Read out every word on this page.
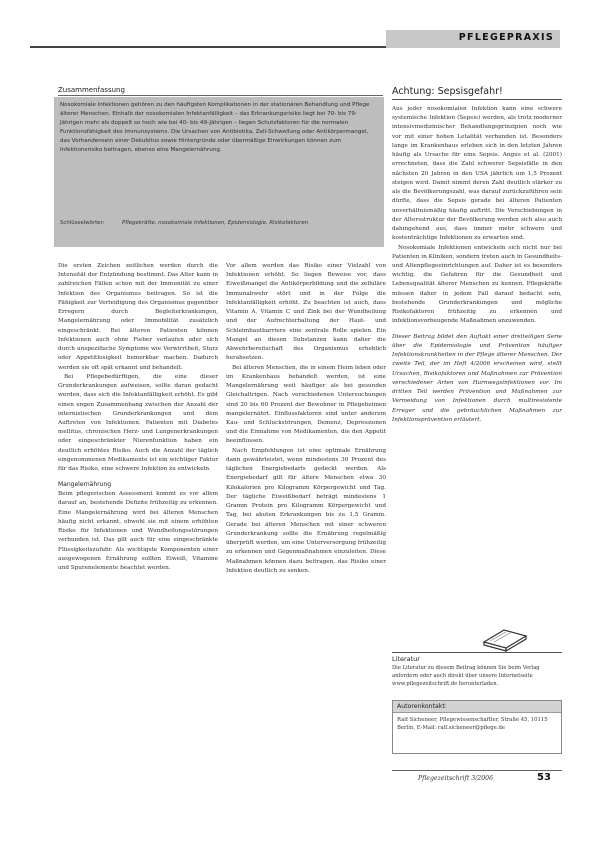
PFLEGEPRAXIS
Zusammenfassung
Nosokomiale Infektionen gehören zu den häufigsten Komplikationen in der stationären Behandlung und Pflege älterer Menschen. Einhalb der nosokomialen Infektanfälligkeit – das Erkrankungsrisiko liegt bei 70- bis 79-Jährigen mehr als doppelt so hoch wie bei 40- bis 49-Jährigen – liegen Schutzfaktoren für die normalen Funktionsfähigkeit des Immunsystems. Die Ursachen von Antibiotika, Zell-Schwellung oder Antikörpermangel, das Vorhandensein einer Dekubitus sowie Hintergründe oder übermäßige Einwirkungen können zum Infektionsrisiko beitragen, ebenso eine Mangelernährung.
Schlüsselwörter:	Pflegekräfte, nosokomiale Infektionen, Epidemiologie, Risikofaktoren
Achtung: Sepsisgefahr!

Die ersten Zeichen zeitlichen werden durch die Intensität der Entzündung bestimmt. Das Alter kann in zahlreichen Fällen schon mit der Immunität zu einer Infektion des Organismus beitragen. So ist die Fähigkeit zur Verteidigung des Organismus gegenüber Erregern durch Begleiterkrankungen, Mangelernährung oder Immobilität zusätzlich eingeschränkt. Bei älteren Patienten können Infektionen auch ohne Fieber verlaufen oder sich durch unspezifische Symptome wie Verwirrtheit, Sturz oder Appetitlosigkeit bemerkbar machen. Dadurch werden sie oft spät erkannt und behandelt.

Bei Pflegebedürftigen, die eine dieser Grunderkrankungen aufweisen, sollte daran gedacht werden, dass sich die Infektanfälligkeit erhöht. Es gibt einen engen Zusammenhang zwischen der Anzahl der internistischen Grunderkrankungen und dem Auftreten von Infektionen. Patienten mit Diabetes mellitus, chronischen Herz- und Lungenerkrankungen oder eingeschränkter Nierenfunktion haben ein deutlich erhöhtes Risiko. Auch die Anzahl der täglich eingenommenen Medikamente ist ein wichtiger Faktor für das Risiko, eine schwere Infektion zu entwickeln.

Mangelernährung

Beim pflegerischen Assessment kommt es vor allem darauf an, bestehende Defizite frühzeitig zu erkennen. Eine Mangelernährung wird bei älteren Menschen häufig nicht erkannt, obwohl sie mit einem erhöhten Risiko für Infektionen und Wundheilungsstörungen verbunden ist. Das gilt auch für eine eingeschränkte Flüssigkeitszufuhr. Als wichtigste Komponenten einer ausgewogenen Ernährung sollten Eiweiß, Vitamine und Spurenelemente beachtet werden.

Vor allem werden das Risiko einer Vielzahl von Infektionen erhöht. So liegen Beweise vor, dass Eiweißmangel die Antikörperbildung und die zelluläre Immunabwehr stört und in der Folge die Infektanfälligkeit erhöht. Zu beachten ist auch, dass Vitamin A, Vitamin C und Zink bei der Wundheilung und der Aufrechterhaltung der Haut- und Schleimhautbarriere eine zentrale Rolle spielen. Ein Mangel an diesen Substanzen kann daher die Abwehrbereitschaft des Organismus erheblich herabsetzen.

Bei älteren Menschen, die in einem Heim leben oder im Krankenhaus behandelt werden, ist eine Mangelernährung weit häufiger als bei gesunden Gleichaltrigen. Nach verschiedenen Untersuchungen sind 20 bis 60 Prozent der Bewohner in Pflegeheimen mangelernährt. Einflussfaktoren sind unter anderem Kau- und Schluckstörungen, Demenz, Depressionen und die Einnahme von Medikamenten, die den Appetit beeinflussen.

Nach Empfehlungen ist eine optimale Ernährung dann gewährleistet, wenn mindestens 30 Prozent des täglichen Energiebedarfs gedeckt werden. Als Energiebedarf gilt für ältere Menschen etwa 30 Kilokalorien pro Kilogramm Körpergewicht und Tag. Der tägliche Eiweißbedarf beträgt mindestens 1 Gramm Protein pro Kilogramm Körpergewicht und Tag, bei akuten Erkrankungen bis zu 1,5 Gramm. Gerade bei älteren Menschen mit einer schweren Grunderkrankung sollte die Ernährung regelmäßig überprüft werden, um eine Unterversorgung frühzeitig zu erkennen und Gegenmaßnahmen einzuleiten. Diese Maßnahmen können dazu beitragen, das Risiko einer Infektion deutlich zu senken.

Aus jeder nosokomialen Infektion kann eine schwere systemische Infektion (Sepsis) werden, als trotz moderner intensivmedizinischer Behandlungsprinzipien noch wie vor mit einer hohen Letalität verbunden ist. Besonders lange im Krankenhaus erleben sich in den letzten Jahren häufig als Ursache für eine Sepsis. Angus et al. (2001) errechneten, dass die Zahl schwerer Sepsisfälle in den nächsten 20 Jahren in den USA jährlich um 1,5 Prozent steigen wird. Damit nimmt deren Zahl deutlich stärker zu als die Bevölkerungszahl, was darauf zurückzuführen sein dürfte, dass die Sepsis gerade bei älteren Patienten unverhältnismäßig häufig auftritt. Die Verschiebungen in der Altersstruktur der Bevölkerung werden sich also auch dahingehend aus, dass immer mehr schwere und kostenträchtige Infektionen zu erwarten sind.

Nosokomiale Infektionen entwickeln sich nicht nur bei Patienten in Kliniken, sondern treten auch in Gesundheits- und Altenpflegeeinrichtungen auf. Daher ist es besonders wichtig, die Gefahren für die Gesundheit und Lebensqualität älterer Menschen zu kennen. Pflegekräfte müssen daher in jedem Fall darauf bedacht sein, bestehende Grunderkrankungen und mögliche Risikofaktoren frühzeitig zu erkennen und infektionsvorbeugende Maßnahmen anzuwenden.

Dieser Beitrag bildet den Auftakt einer dreiteiligen Serie über die Epidemiologie und Prävention häufiger Infektionskrankheiten in der Pflege älterer Menschen. Der zweite Teil, der im Heft 4/2006 erscheinen wird, stellt Ursachen, Risikofaktoren und Maßnahmen zur Prävention verschiedener Arten von Harnwegsinfektionen vor. Im dritten Teil werden Prävention und Maßnahmen zur Vermeidung von Infektionen durch multiresistente Erreger und die gebräuchlichen Maßnahmen zur Infektionsprävention erläutert.

Literatur
Die Literatur zu diesem Beitrag können Sie beim Verlag anfordern oder auch direkt über unsere Internetseite www.pflegezeitschrift.de herunterladen.
Autorenkontakt:
Ralf Sicheneer, Pflegewissenschaftler, Straße 45, 10115 Berlin, E-Mail: ralf.sicheneer@pflege.de
Pflegezeitschrift 3/2006	53
